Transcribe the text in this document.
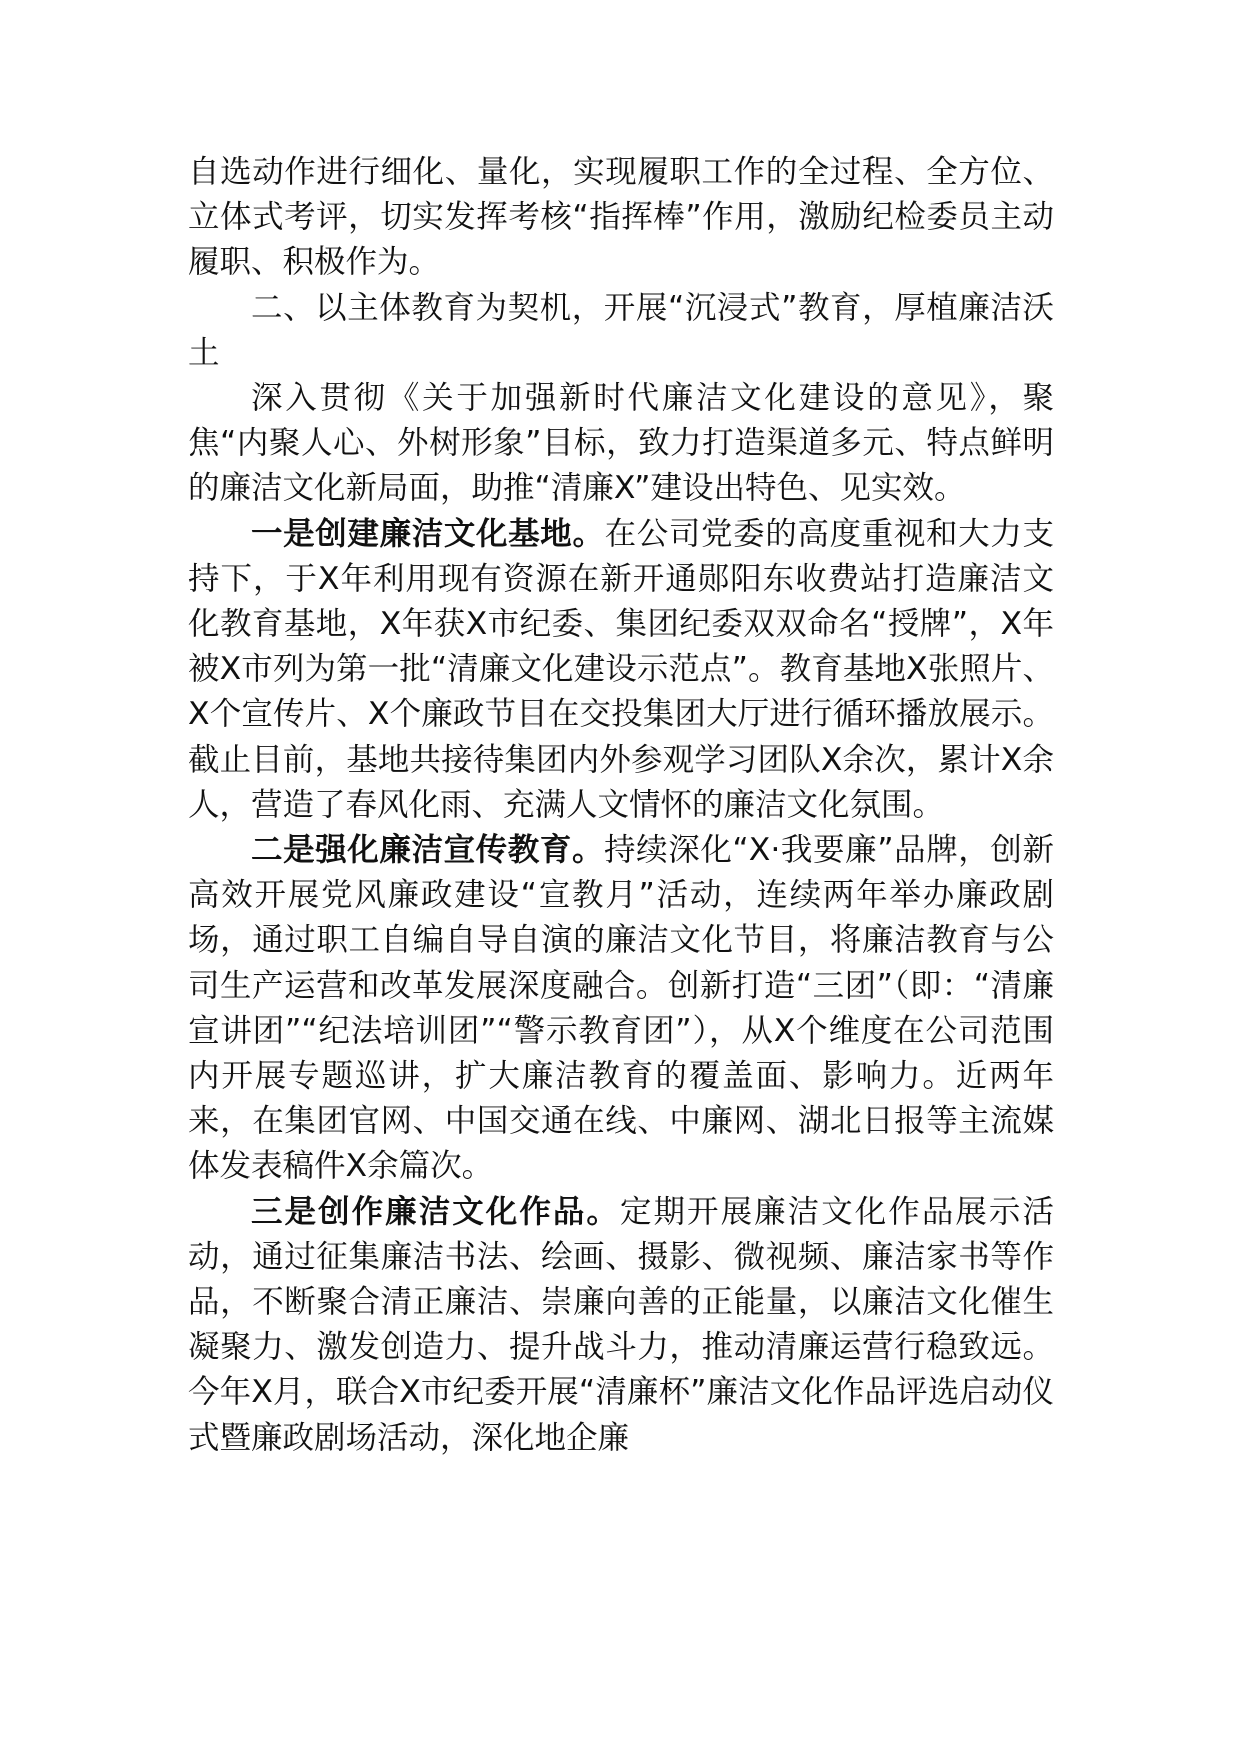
自选动作进行细化、量化，实现履职工作的全过程、全方位、立体式考评，切实发挥考核“指挥棒”作用，激励纪检委员主动履职、积极作为。

二、以主体教育为契机，开展“沉浸式”教育，厚植廉洁沃土

深入贯彻《关于加强新时代廉洁文化建设的意见》，聚焦“内聚人心、外树形象”目标，致力打造渠道多元、特点鲜明的廉洁文化新局面，助推“清廉X”建设出特色、见实效。

一是创建廉洁文化基地。在公司党委的高度重视和大力支持下，于X年利用现有资源在新开通郧阳东收费站打造廉洁文化教育基地，X年获X市纪委、集团纪委双双命名“授牌”，X年被X市列为第一批“清廉文化建设示范点”。教育基地X张照片、X个宣传片、X个廉政节目在交投集团大厅进行循环播放展示。截止目前，基地共接待集团内外参观学习团队X余次，累计X余人，营造了春风化雨、充满人文情怀的廉洁文化氛围。

二是强化廉洁宣传教育。持续深化“X·我要廉”品牌，创新高效开展党风廉政建设“宣教月”活动，连续两年举办廉政剧场，通过职工自编自导自演的廉洁文化节目，将廉洁教育与公司生产运营和改革发展深度融合。创新打造“三团”（即：“清廉宣讲团”“纪法培训团”“警示教育团”），从X个维度在公司范围内开展专题巡讲，扩大廉洁教育的覆盖面、影响力。近两年来，在集团官网、中国交通在线、中廉网、湖北日报等主流媒体发表稿件X余篇次。

三是创作廉洁文化作品。定期开展廉洁文化作品展示活动，通过征集廉洁书法、绘画、摄影、微视频、廉洁家书等作品，不断聚合清正廉洁、崇廉向善的正能量，以廉洁文化催生凝聚力、激发创造力、提升战斗力，推动清廉运营行稳致远。今年X月，联合X市纪委开展“清廉杯”廉洁文化作品评选启动仪式暨廉政剧场活动，深化地企廉
